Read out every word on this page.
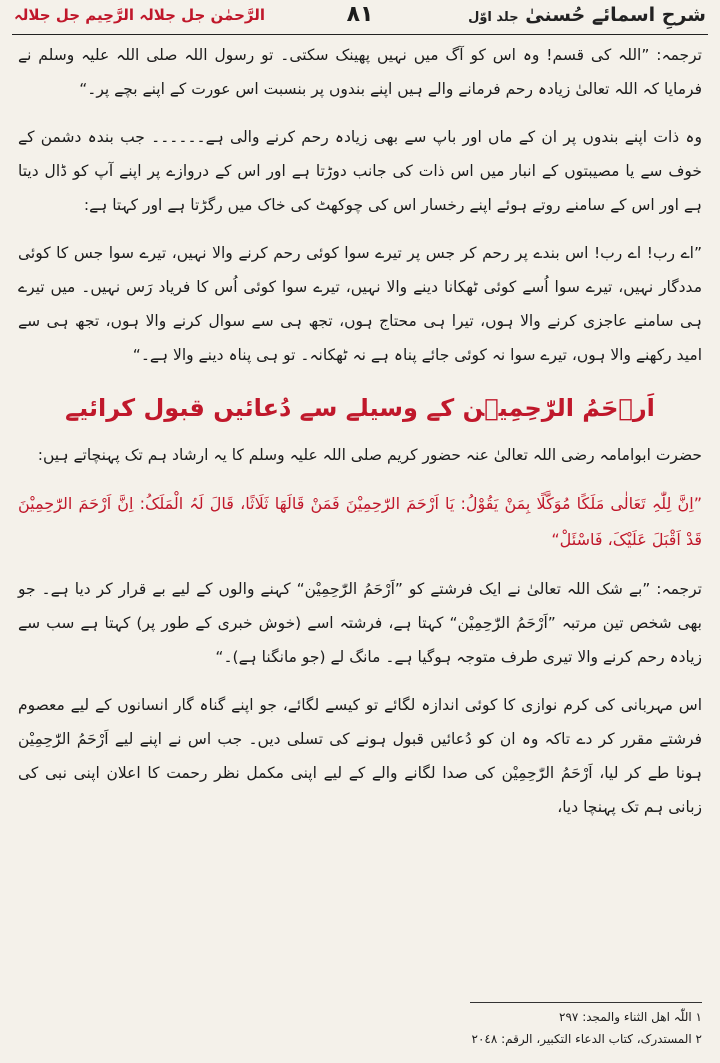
شرحِ اسمائے حُسنیٰ جلد اوّل
٨١
الرَّحمٰن جل جلالہ الرَّحِیم جل جلالہ

ترجمہ: ”اللہ کی قسم! وہ اس کو آگ میں نہیں پھینک سکتی۔ تو رسول اللہ صلی اللہ علیہ وسلم نے فرمایا کہ اللہ تعالیٰ زیادہ رحم فرمانے والے ہیں اپنے بندوں پر بنسبت اس عورت کے اپنے بچے پر۔“

وہ ذات اپنے بندوں پر ان کے ماں اور باپ سے بھی زیادہ رحم کرنے والی ہے۔۔۔۔۔۔ جب بندہ دشمن کے خوف سے یا مصیبتوں کے انبار میں اس ذات کی جانب دوڑتا ہے اور اس کے دروازے پر اپنے آپ کو ڈال دیتا ہے اور اس کے سامنے روتے ہوئے اپنے رخسار اس کی چوکھٹ کی خاک میں رگڑتا ہے اور کہتا ہے:

”اے رب! اے رب! اس بندے پر رحم کر جس پر تیرے سوا کوئی رحم کرنے والا نہیں، تیرے سوا جس کا کوئی مددگار نہیں، تیرے سوا اُسے کوئی ٹھکانا دینے والا نہیں، تیرے سوا کوئی اُس کا فریاد رَس نہیں۔ میں تیرے ہی سامنے عاجزی کرنے والا ہوں، تیرا ہی محتاج ہوں، تجھ ہی سے سوال کرنے والا ہوں، تجھ ہی سے امید رکھنے والا ہوں، تیرے سوا نہ کوئی جائے پناہ ہے نہ ٹھکانہ۔ تو ہی پناہ دینے والا ہے۔“

اَرۡحَمُ الرّٰحِمِیۡن کے وسیلے سے دُعائیں قبول کرائیے

حضرت ابوامامہ رضی اللہ تعالیٰ عنہ حضور کریم صلی اللہ علیہ وسلم کا یہ ارشاد ہم تک پہنچاتے ہیں:

”اِنَّ لِلّٰہِ تَعَالٰی مَلَکًا مُوَکَّلًا بِمَنْ یَقُوْلُ: یَا اَرْحَمَ الرّٰحِمِیْنَ فَمَنْ قَالَھَا ثَلَاثًا، قَالَ لَہُ الْمَلَکُ: اِنَّ اَرْحَمَ الرّٰحِمِیْنَ قَدْ اَقْبَلَ عَلَیْکَ، فَاسْئَلْ“

ترجمہ: ”بے شک اللہ تعالیٰ نے ایک فرشتے کو ”اَرْحَمُ الرّٰحِمِیْن“ کہنے والوں کے لیے بے قرار کر دیا ہے۔ جو بھی شخص تین مرتبہ ”اَرْحَمُ الرّٰحِمِیْن“ کہتا ہے، فرشتہ اسے (خوش خبری کے طور پر) کہتا ہے سب سے زیادہ رحم کرنے والا تیری طرف متوجہ ہوگیا ہے۔ مانگ لے (جو مانگنا ہے)۔“

اس مہربانی کی کرم نوازی کا کوئی اندازہ لگائے تو کیسے لگائے، جو اپنے گناہ گار انسانوں کے لیے معصوم فرشتے مقرر کر دے تاکہ وہ ان کو دُعائیں قبول ہونے کی تسلی دیں۔ جب اس نے اپنے لیے اَرْحَمُ الرّٰحِمِیْن ہونا طے کر لیا، اَرْحَمُ الرّٰحِمِیْن کی صدا لگانے والے کے لیے اپنی مکمل نظر رحمت کا اعلان اپنی نبی کی زبانی ہم تک پہنچا دیا،

۱ اللّٰہ اھل الثناء والمجد: ٢٩٧
۲ المستدرک، کتاب الدعاء التکبیر، الرقم: ٢٠٤٨
